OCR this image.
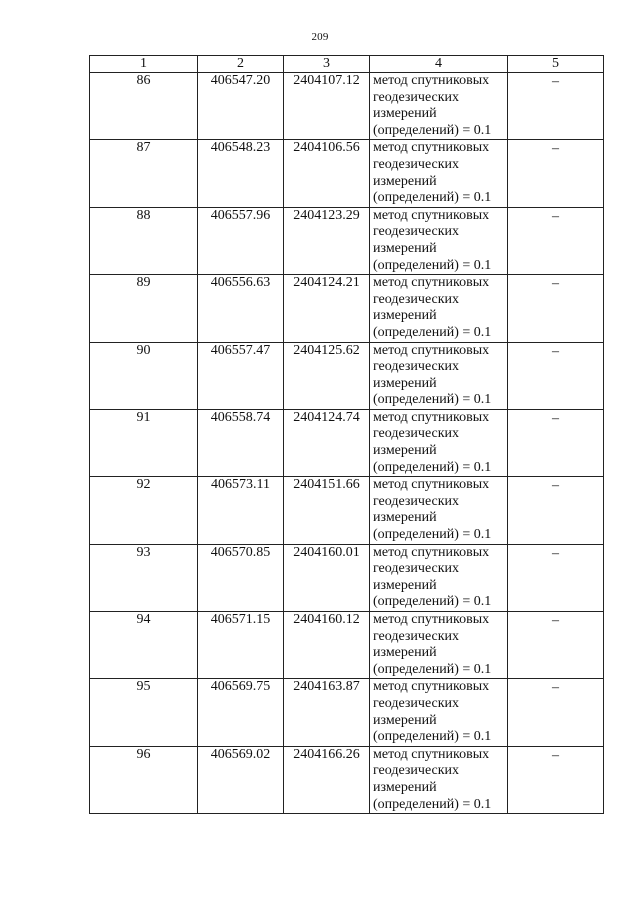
209
1	2	3	4	5
86	406547.20	2404107.12	метод спутниковых
геодезических
измерений
(определений) = 0.1	–
87	406548.23	2404106.56	метод спутниковых
геодезических
измерений
(определений) = 0.1	–
88	406557.96	2404123.29	метод спутниковых
геодезических
измерений
(определений) = 0.1	–
89	406556.63	2404124.21	метод спутниковых
геодезических
измерений
(определений) = 0.1	–
90	406557.47	2404125.62	метод спутниковых
геодезических
измерений
(определений) = 0.1	–
91	406558.74	2404124.74	метод спутниковых
геодезических
измерений
(определений) = 0.1	–
92	406573.11	2404151.66	метод спутниковых
геодезических
измерений
(определений) = 0.1	–
93	406570.85	2404160.01	метод спутниковых
геодезических
измерений
(определений) = 0.1	–
94	406571.15	2404160.12	метод спутниковых
геодезических
измерений
(определений) = 0.1	–
95	406569.75	2404163.87	метод спутниковых
геодезических
измерений
(определений) = 0.1	–
96	406569.02	2404166.26	метод спутниковых
геодезических
измерений
(определений) = 0.1	–
